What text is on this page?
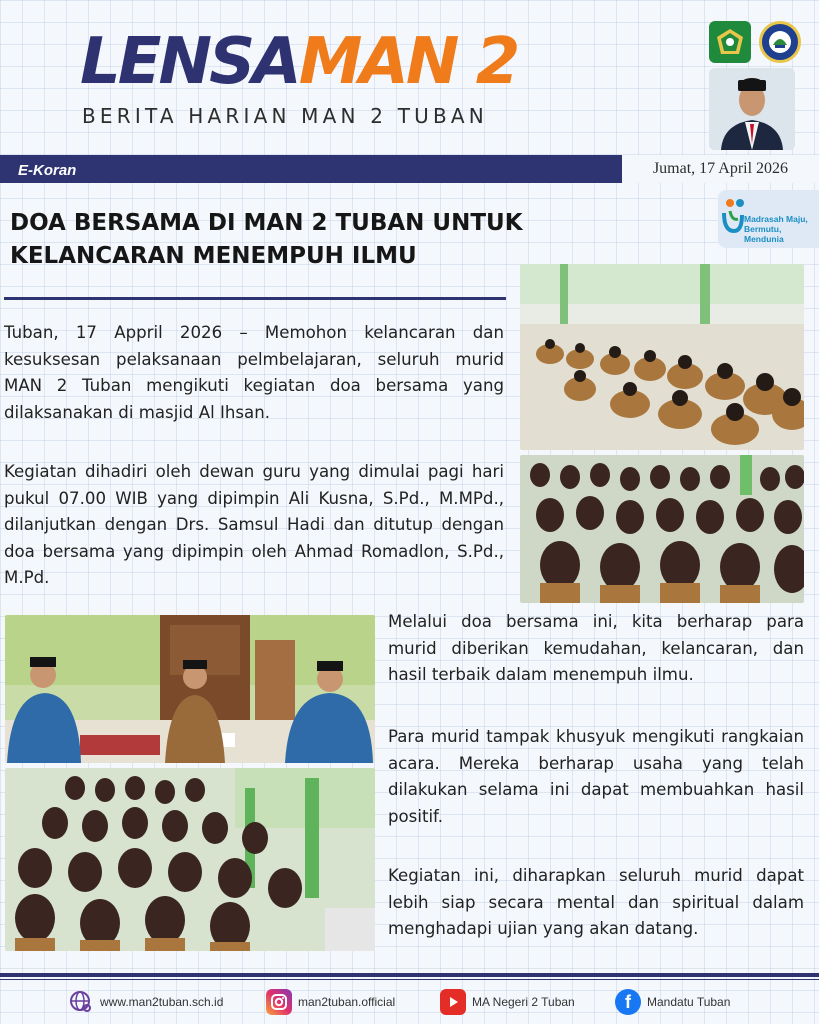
LENSAMAN 2
BERITA HARIAN MAN 2 TUBAN
E-Koran	Jumat, 17 April 2026
Madrasah Maju, Bermutu, Mendunia
DOA BERSAMA DI MAN 2 TUBAN UNTUK
KELANCARAN MENEMPUH ILMU

Tuban, 17 Appril 2026 – Memohon kelancaran dan kesuksesan pelaksanaan pelmbelajaran, seluruh murid MAN 2 Tuban mengikuti kegiatan doa bersama yang dilaksanakan di masjid Al Ihsan.

Kegiatan dihadiri oleh dewan guru yang dimulai pagi hari pukul 07.00 WIB yang dipimpin Ali Kusna, S.Pd., M.MPd., dilanjutkan dengan Drs. Samsul Hadi dan ditutup dengan doa bersama yang dipimpin oleh Ahmad Romadlon, S.Pd., M.Pd.

Melalui doa bersama ini, kita berharap para murid diberikan kemudahan, kelancaran, dan hasil terbaik dalam menempuh ilmu.

Para murid tampak khusyuk mengikuti rangkaian acara. Mereka berharap usaha yang telah dilakukan selama ini dapat membuahkan hasil positif.

Kegiatan ini, diharapkan seluruh murid dapat lebih siap secara mental dan spiritual dalam menghadapi ujian yang akan datang.

www.man2tuban.sch.id	man2tuban.official	MA Negeri 2 Tuban	f Mandatu Tuban
